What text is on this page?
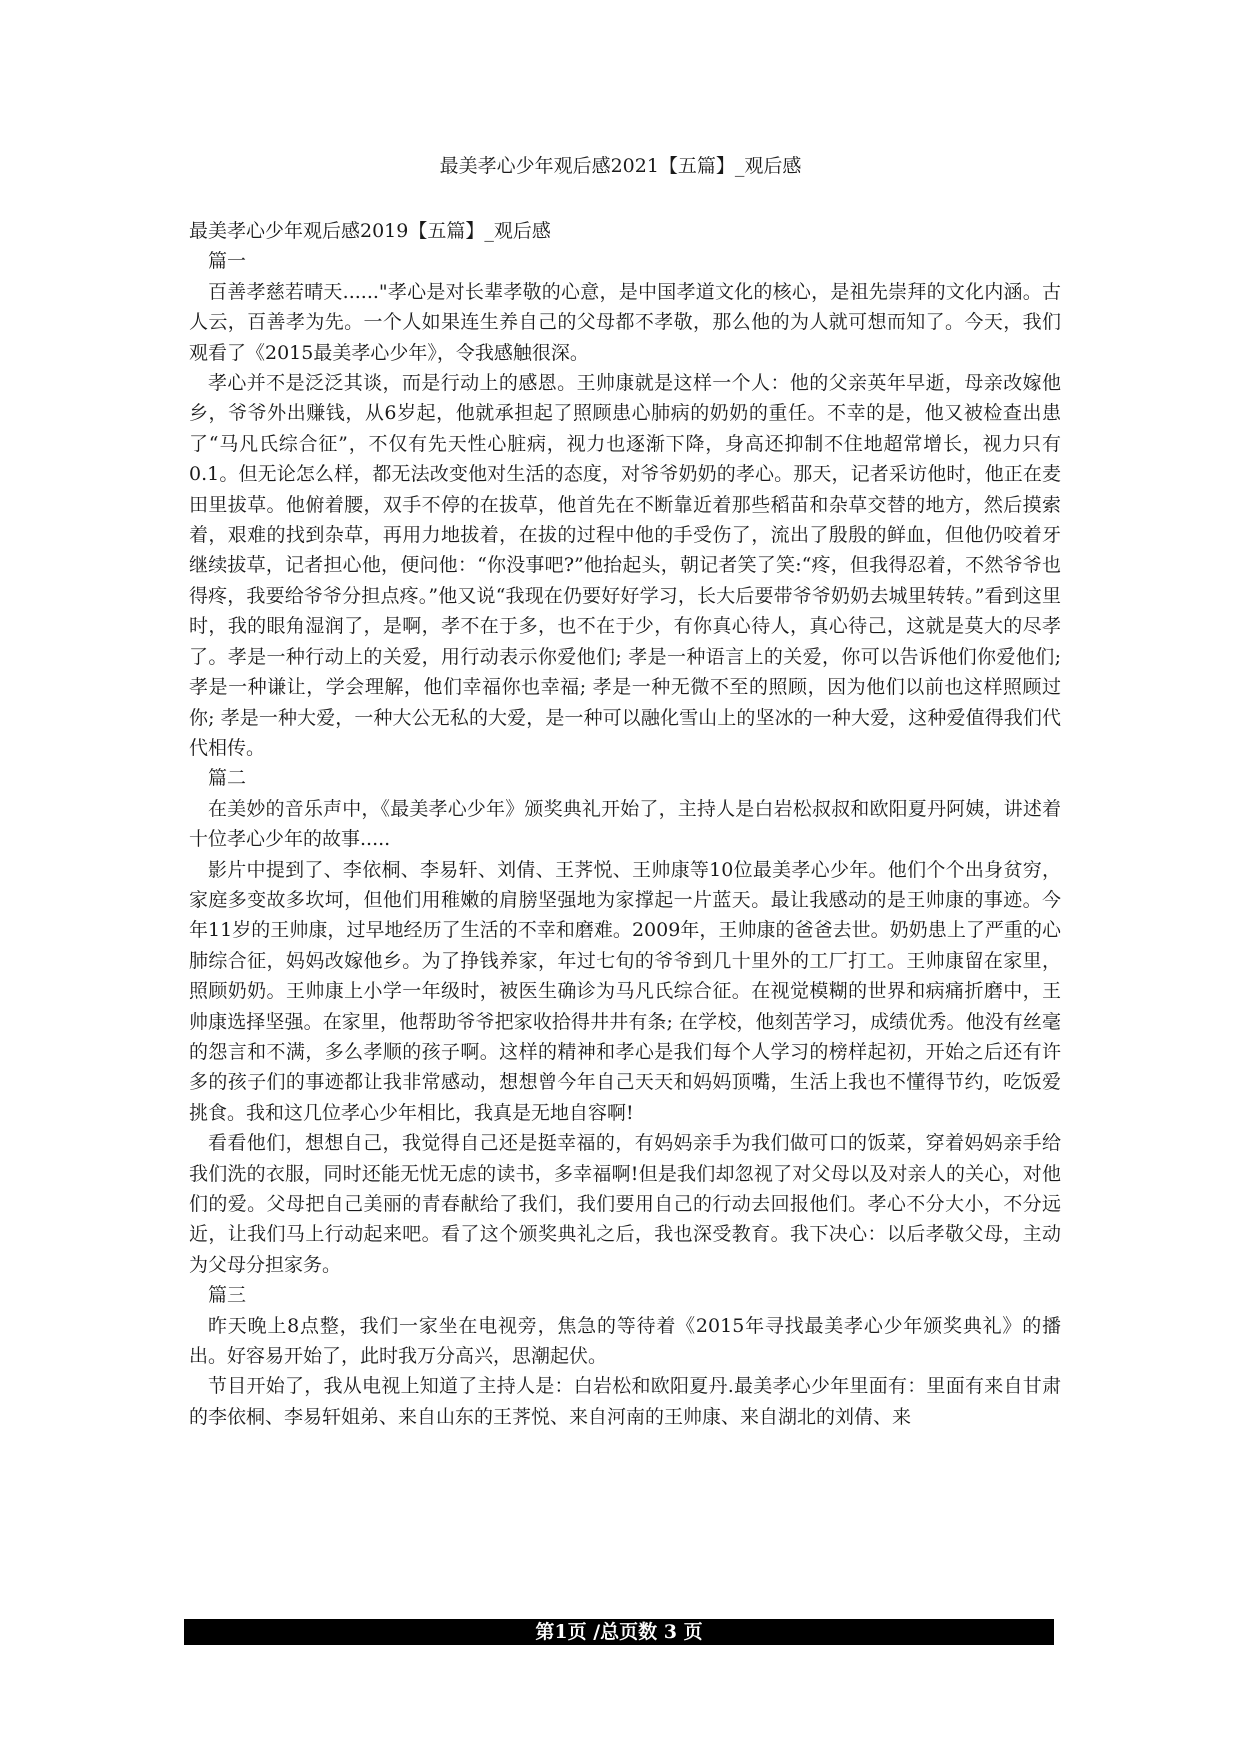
最美孝心少年观后感2021【五篇】_观后感

最美孝心少年观后感2019【五篇】_观后感

篇一

百善孝慈若晴天......"孝心是对长辈孝敬的心意，是中国孝道文化的核心，是祖先崇拜的文化内涵。古人云，百善孝为先。一个人如果连生养自己的父母都不孝敬，那么他的为人就可想而知了。今天，我们观看了《2015最美孝心少年》，令我感触很深。

孝心并不是泛泛其谈，而是行动上的感恩。王帅康就是这样一个人：他的父亲英年早逝，母亲改嫁他乡，爷爷外出赚钱，从6岁起，他就承担起了照顾患心肺病的奶奶的重任。不幸的是，他又被检查出患了“马凡氏综合征”，不仅有先天性心脏病，视力也逐渐下降，身高还抑制不住地超常增长，视力只有0.1。但无论怎么样，都无法改变他对生活的态度，对爷爷奶奶的孝心。那天，记者采访他时，他正在麦田里拔草。他俯着腰，双手不停的在拔草，他首先在不断靠近着那些稻苗和杂草交替的地方，然后摸索着，艰难的找到杂草，再用力地拔着，在拔的过程中他的手受伤了，流出了殷殷的鲜血，但他仍咬着牙继续拔草，记者担心他，便问他：“你没事吧?”他抬起头，朝记者笑了笑:“疼，但我得忍着，不然爷爷也得疼，我要给爷爷分担点疼。”他又说“我现在仍要好好学习，长大后要带爷爷奶奶去城里转转。”看到这里时，我的眼角湿润了，是啊，孝不在于多，也不在于少，有你真心待人，真心待己，这就是莫大的尽孝了。孝是一种行动上的关爱，用行动表示你爱他们; 孝是一种语言上的关爱，你可以告诉他们你爱他们;孝是一种谦让，学会理解，他们幸福你也幸福; 孝是一种无微不至的照顾，因为他们以前也这样照顾过你; 孝是一种大爱，一种大公无私的大爱，是一种可以融化雪山上的坚冰的一种大爱，这种爱值得我们代代相传。

篇二

在美妙的音乐声中，《最美孝心少年》颁奖典礼开始了，主持人是白岩松叔叔和欧阳夏丹阿姨，讲述着十位孝心少年的故事.....

影片中提到了、李依桐、李易轩、刘倩、王荠悦、王帅康等10位最美孝心少年。他们个个出身贫穷，家庭多变故多坎坷，但他们用稚嫩的肩膀坚强地为家撑起一片蓝天。最让我感动的是王帅康的事迹。今年11岁的王帅康，过早地经历了生活的不幸和磨难。2009年，王帅康的爸爸去世。奶奶患上了严重的心肺综合征，妈妈改嫁他乡。为了挣钱养家，年过七旬的爷爷到几十里外的工厂打工。王帅康留在家里，照顾奶奶。王帅康上小学一年级时，被医生确诊为马凡氏综合征。在视觉模糊的世界和病痛折磨中，王帅康选择坚强。在家里，他帮助爷爷把家收拾得井井有条; 在学校，他刻苦学习，成绩优秀。他没有丝毫的怨言和不满，多么孝顺的孩子啊。这样的精神和孝心是我们每个人学习的榜样起初，开始之后还有许多的孩子们的事迹都让我非常感动，想想曾今年自己天天和妈妈顶嘴，生活上我也不懂得节约，吃饭爱挑食。我和这几位孝心少年相比，我真是无地自容啊!

看看他们，想想自己，我觉得自己还是挺幸福的，有妈妈亲手为我们做可口的饭菜，穿着妈妈亲手给我们洗的衣服，同时还能无忧无虑的读书，多幸福啊!但是我们却忽视了对父母以及对亲人的关心，对他们的爱。父母把自己美丽的青春献给了我们，我们要用自己的行动去回报他们。孝心不分大小，不分远近，让我们马上行动起来吧。看了这个颁奖典礼之后，我也深受教育。我下决心：以后孝敬父母，主动为父母分担家务。

篇三

昨天晚上8点整，我们一家坐在电视旁，焦急的等待着《2015年寻找最美孝心少年颁奖典礼》的播出。好容易开始了，此时我万分高兴，思潮起伏。

节目开始了，我从电视上知道了主持人是：白岩松和欧阳夏丹.最美孝心少年里面有：里面有来自甘肃的李依桐、李易轩姐弟、来自山东的王荠悦、来自河南的王帅康、来自湖北的刘倩、来

第1页 /总页数 3 页
